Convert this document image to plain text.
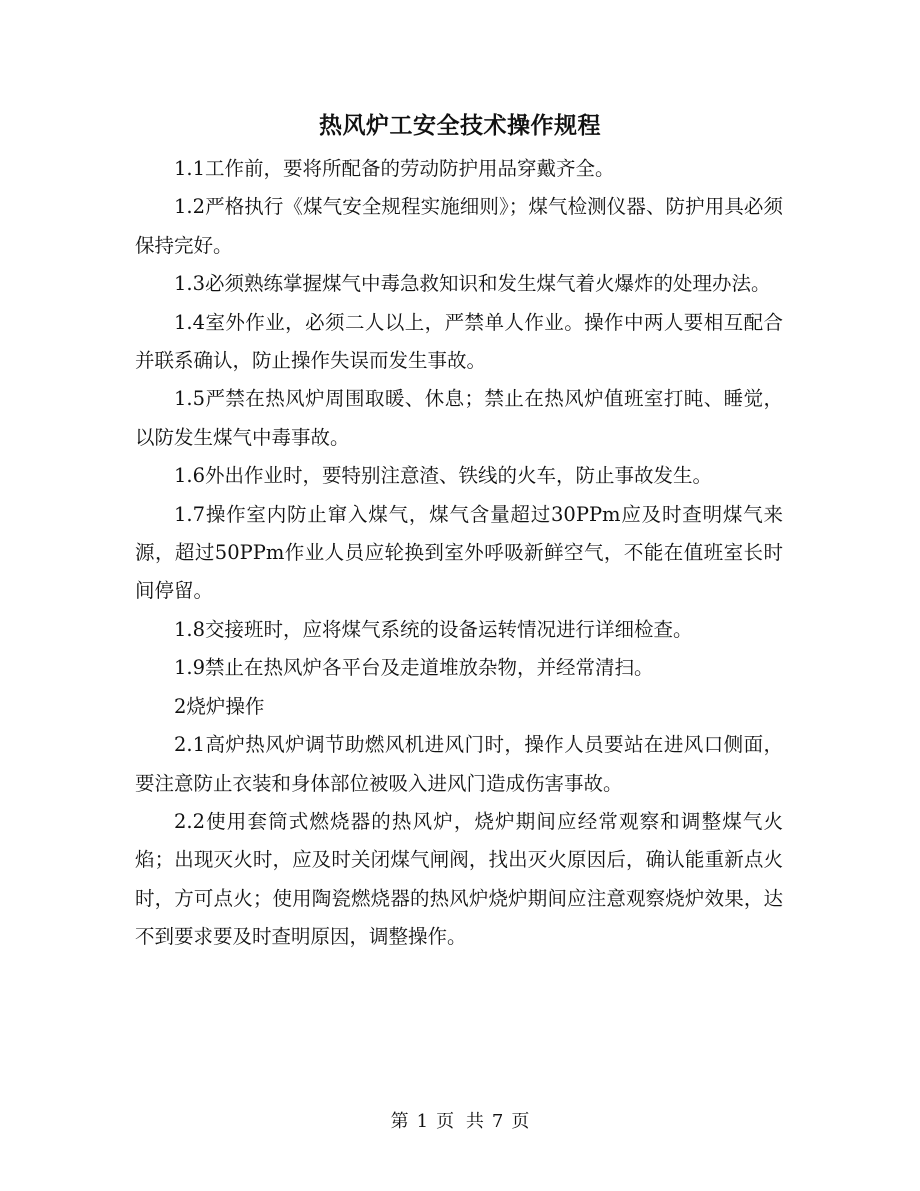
热风炉工安全技术操作规程

1.1工作前，要将所配备的劳动防护用品穿戴齐全。

1.2严格执行《煤气安全规程实施细则》；煤气检测仪器、防护用具必须保持完好。

1.3必须熟练掌握煤气中毒急救知识和发生煤气着火爆炸的处理办法。

1.4室外作业，必须二人以上，严禁单人作业。操作中两人要相互配合并联系确认，防止操作失误而发生事故。

1.5严禁在热风炉周围取暖、休息；禁止在热风炉值班室打盹、睡觉，以防发生煤气中毒事故。

1.6外出作业时，要特别注意渣、铁线的火车，防止事故发生。

1.7操作室内防止窜入煤气，煤气含量超过30PPm应及时查明煤气来源，超过50PPm作业人员应轮换到室外呼吸新鲜空气，不能在值班室长时间停留。

1.8交接班时，应将煤气系统的设备运转情况进行详细检查。

1.9禁止在热风炉各平台及走道堆放杂物，并经常清扫。

2烧炉操作

2.1高炉热风炉调节助燃风机进风门时，操作人员要站在进风口侧面，要注意防止衣装和身体部位被吸入进风门造成伤害事故。

2.2使用套筒式燃烧器的热风炉，烧炉期间应经常观察和调整煤气火焰；出现灭火时，应及时关闭煤气闸阀，找出灭火原因后，确认能重新点火时，方可点火；使用陶瓷燃烧器的热风炉烧炉期间应注意观察烧炉效果，达不到要求要及时查明原因，调整操作。

第 1 页 共 7 页
